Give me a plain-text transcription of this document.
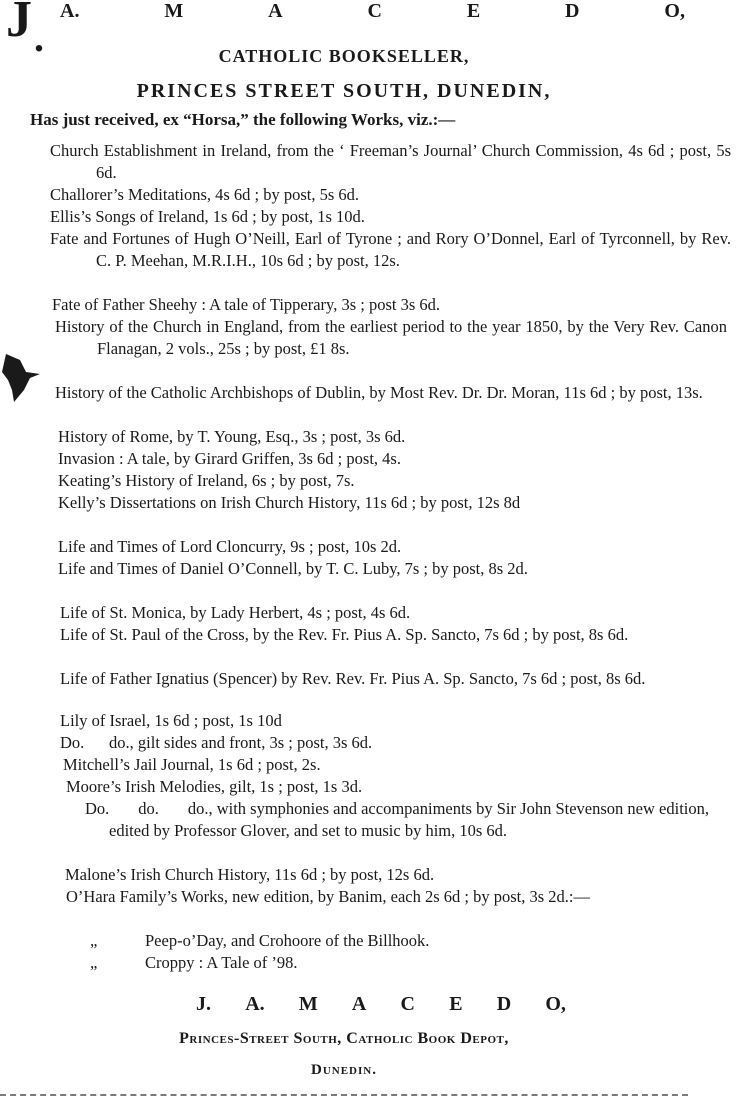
J .
A.	M	A	C	E	D	O,
CATHOLIC BOOKSELLER,
PRINCES STREET SOUTH, DUNEDIN,
Has just received, ex “Horsa,” the following Works, viz.:—
Church Establishment in Ireland, from the ‘ Freeman’s Journal’ Church Commission, 4s 6d ; post, 5s 6d.
Challorer’s Meditations, 4s 6d ; by post, 5s 6d.
Ellis’s Songs of Ireland, 1s 6d ; by post, 1s 10d.
Fate and Fortunes of Hugh O’Neill, Earl of Tyrone ; and Rory O’Donnel, Earl of Tyrconnell, by Rev. C. P. Meehan, M.R.I.H., 10s 6d ; by post, 12s.
Fate of Father Sheehy : A tale of Tipperary, 3s ; post 3s 6d.
History of the Church in England, from the earliest period to the year 1850, by the Very Rev. Canon Flanagan, 2 vols., 25s ; by post, £1 8s.
History of the Catholic Archbishops of Dublin, by Most Rev. Dr. Dr. Moran, 11s 6d ; by post, 13s.
History of Rome, by T. Young, Esq., 3s ; post, 3s 6d.
Invasion : A tale, by Girard Griffen, 3s 6d ; post, 4s.
Keating’s History of Ireland, 6s ; by post, 7s.
Kelly’s Dissertations on Irish Church History, 11s 6d ; by post, 12s 8d
Life and Times of Lord Cloncurry, 9s ; post, 10s 2d.
Life and Times of Daniel O’Connell, by T. C. Luby, 7s ; by post, 8s 2d.
Life of St. Monica, by Lady Herbert, 4s ; post, 4s 6d.
Life of St. Paul of the Cross, by the Rev. Fr. Pius A. Sp. Sancto, 7s 6d ; by post, 8s 6d.
Life of Father Ignatius (Spencer) by Rev. Rev. Fr. Pius A. Sp. Sancto, 7s 6d ; post, 8s 6d.
Lily of Israel, 1s 6d ; post, 1s 10d
Do.      do., gilt sides and front, 3s ; post, 3s 6d.
Mitchell’s Jail Journal, 1s 6d ; post, 2s.
Moore’s Irish Melodies, gilt, 1s ; post, 1s 3d.
Do.       do.       do., with symphonies and accompaniments by Sir John Stevenson new edition, edited by Professor Glover, and set to music by him, 10s 6d.
Malone’s Irish Church History, 11s 6d ; by post, 12s 6d.
O’Hara Family’s Works, new edition, by Banim, each 2s 6d ; by post, 3s 2d.:—
„	Peep-o’Day, and Crohoore of the Billhook.
„	Croppy : A Tale of ’98.
J. A. M A C E D O,
Princes-Street South, Catholic Book Depot,
Dunedin.
